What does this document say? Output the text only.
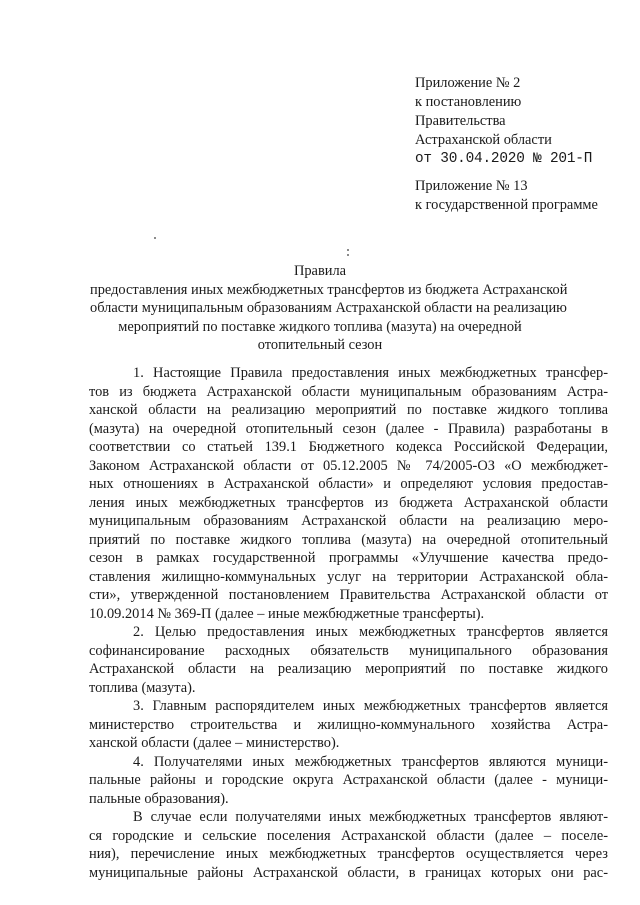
Приложение № 2
к постановлению
Правительства
Астраханской области
от 30.04.2020 № 201-П
Приложение № 13
к государственной программе
Правила
предоставления иных межбюджетных трансфертов из бюджета Астраханской
области муниципальным образованиям Астраханской области на реализацию
мероприятий по поставке жидкого топлива (мазута) на очередной
отопительный сезон
1. Настоящие Правила предоставления иных межбюджетных трансфер-
тов из бюджета Астраханской области муниципальным образованиям Астра-
ханской области на реализацию мероприятий по поставке жидкого топлива
(мазута) на очередной отопительный сезон (далее - Правила) разработаны в
соответствии со статьей 139.1 Бюджетного кодекса Российской Федерации,
Законом Астраханской области от 05.12.2005 № 74/2005-ОЗ «О межбюджет-
ных отношениях в Астраханской области» и определяют условия предостав-
ления иных межбюджетных трансфертов из бюджета Астраханской области
муниципальным образованиям Астраханской области на реализацию меро-
приятий по поставке жидкого топлива (мазута) на очередной отопительный
сезон в рамках государственной программы «Улучшение качества предо-
ставления жилищно-коммунальных услуг на территории Астраханской обла-
сти», утвержденной постановлением Правительства Астраханской области от
10.09.2014 № 369-П (далее – иные межбюджетные трансферты).
2. Целью предоставления иных межбюджетных трансфертов является
софинансирование расходных обязательств муниципального образования
Астраханской области на реализацию мероприятий по поставке жидкого
топлива (мазута).
3. Главным распорядителем иных межбюджетных трансфертов является
министерство строительства и жилищно-коммунального хозяйства Астра-
ханской области (далее – министерство).
4. Получателями иных межбюджетных трансфертов являются муници-
пальные районы и городские округа Астраханской области (далее - муници-
пальные образования).
В случае если получателями иных межбюджетных трансфертов являют-
ся городские и сельские поселения Астраханской области (далее – поселе-
ния), перечисление иных межбюджетных трансфертов осуществляется через
муниципальные районы Астраханской области, в границах которых они рас-
